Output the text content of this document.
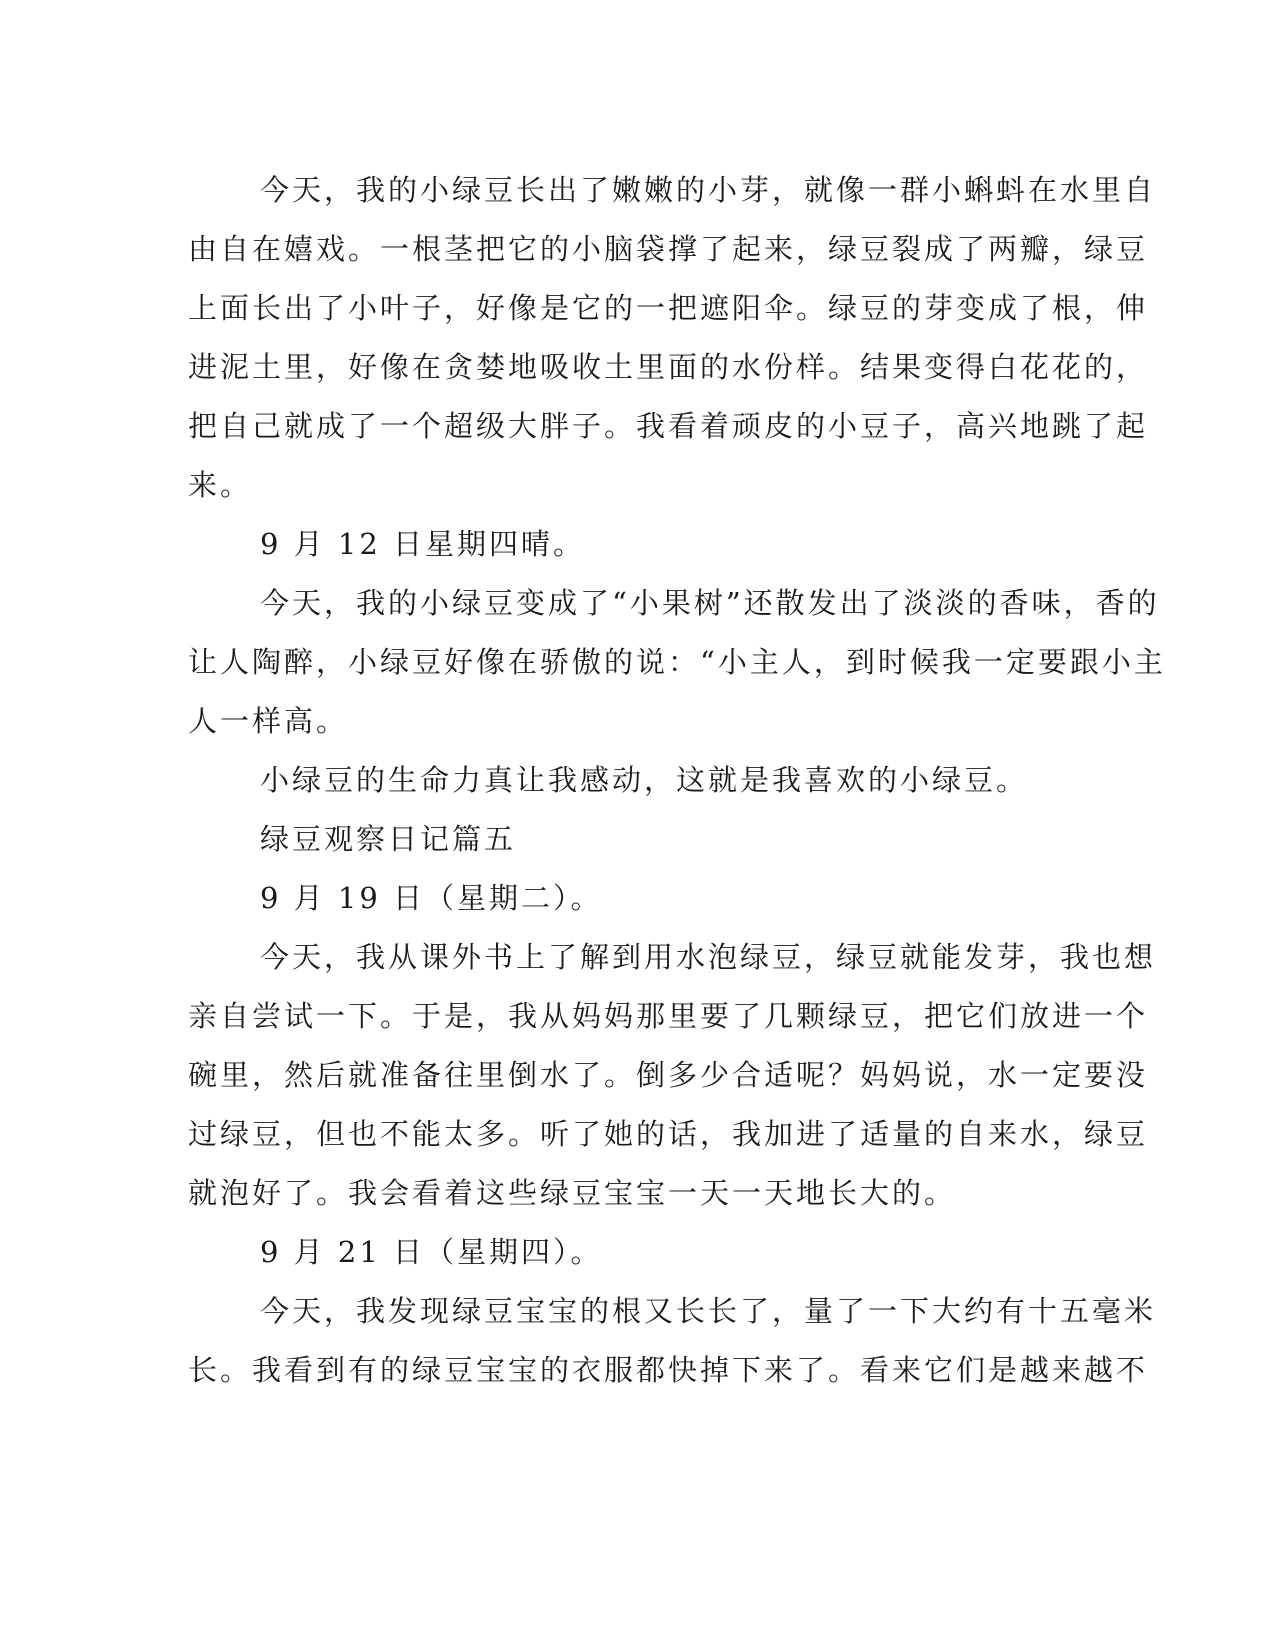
今天，我的小绿豆长出了嫩嫩的小芽，就像一群小蝌蚪在水里自

由自在嬉戏。一根茎把它的小脑袋撑了起来，绿豆裂成了两瓣，绿豆

上面长出了小叶子，好像是它的一把遮阳伞。绿豆的芽变成了根，伸

进泥土里，好像在贪婪地吸收土里面的水份样。结果变得白花花的，

把自己就成了一个超级大胖子。我看着顽皮的小豆子，高兴地跳了起

来。

9 月 12 日星期四晴。

今天，我的小绿豆变成了“小果树”还散发出了淡淡的香味，香的

让人陶醉，小绿豆好像在骄傲的说：“小主人，到时候我一定要跟小主

人一样高。

小绿豆的生命力真让我感动，这就是我喜欢的小绿豆。

绿豆观察日记篇五

9 月 19 日（星期二）。

今天，我从课外书上了解到用水泡绿豆，绿豆就能发芽，我也想

亲自尝试一下。于是，我从妈妈那里要了几颗绿豆，把它们放进一个

碗里，然后就准备往里倒水了。倒多少合适呢？妈妈说，水一定要没

过绿豆，但也不能太多。听了她的话，我加进了适量的自来水，绿豆

就泡好了。我会看着这些绿豆宝宝一天一天地长大的。

9 月 21 日（星期四）。

今天，我发现绿豆宝宝的根又长长了，量了一下大约有十五毫米

长。我看到有的绿豆宝宝的衣服都快掉下来了。看来它们是越来越不
